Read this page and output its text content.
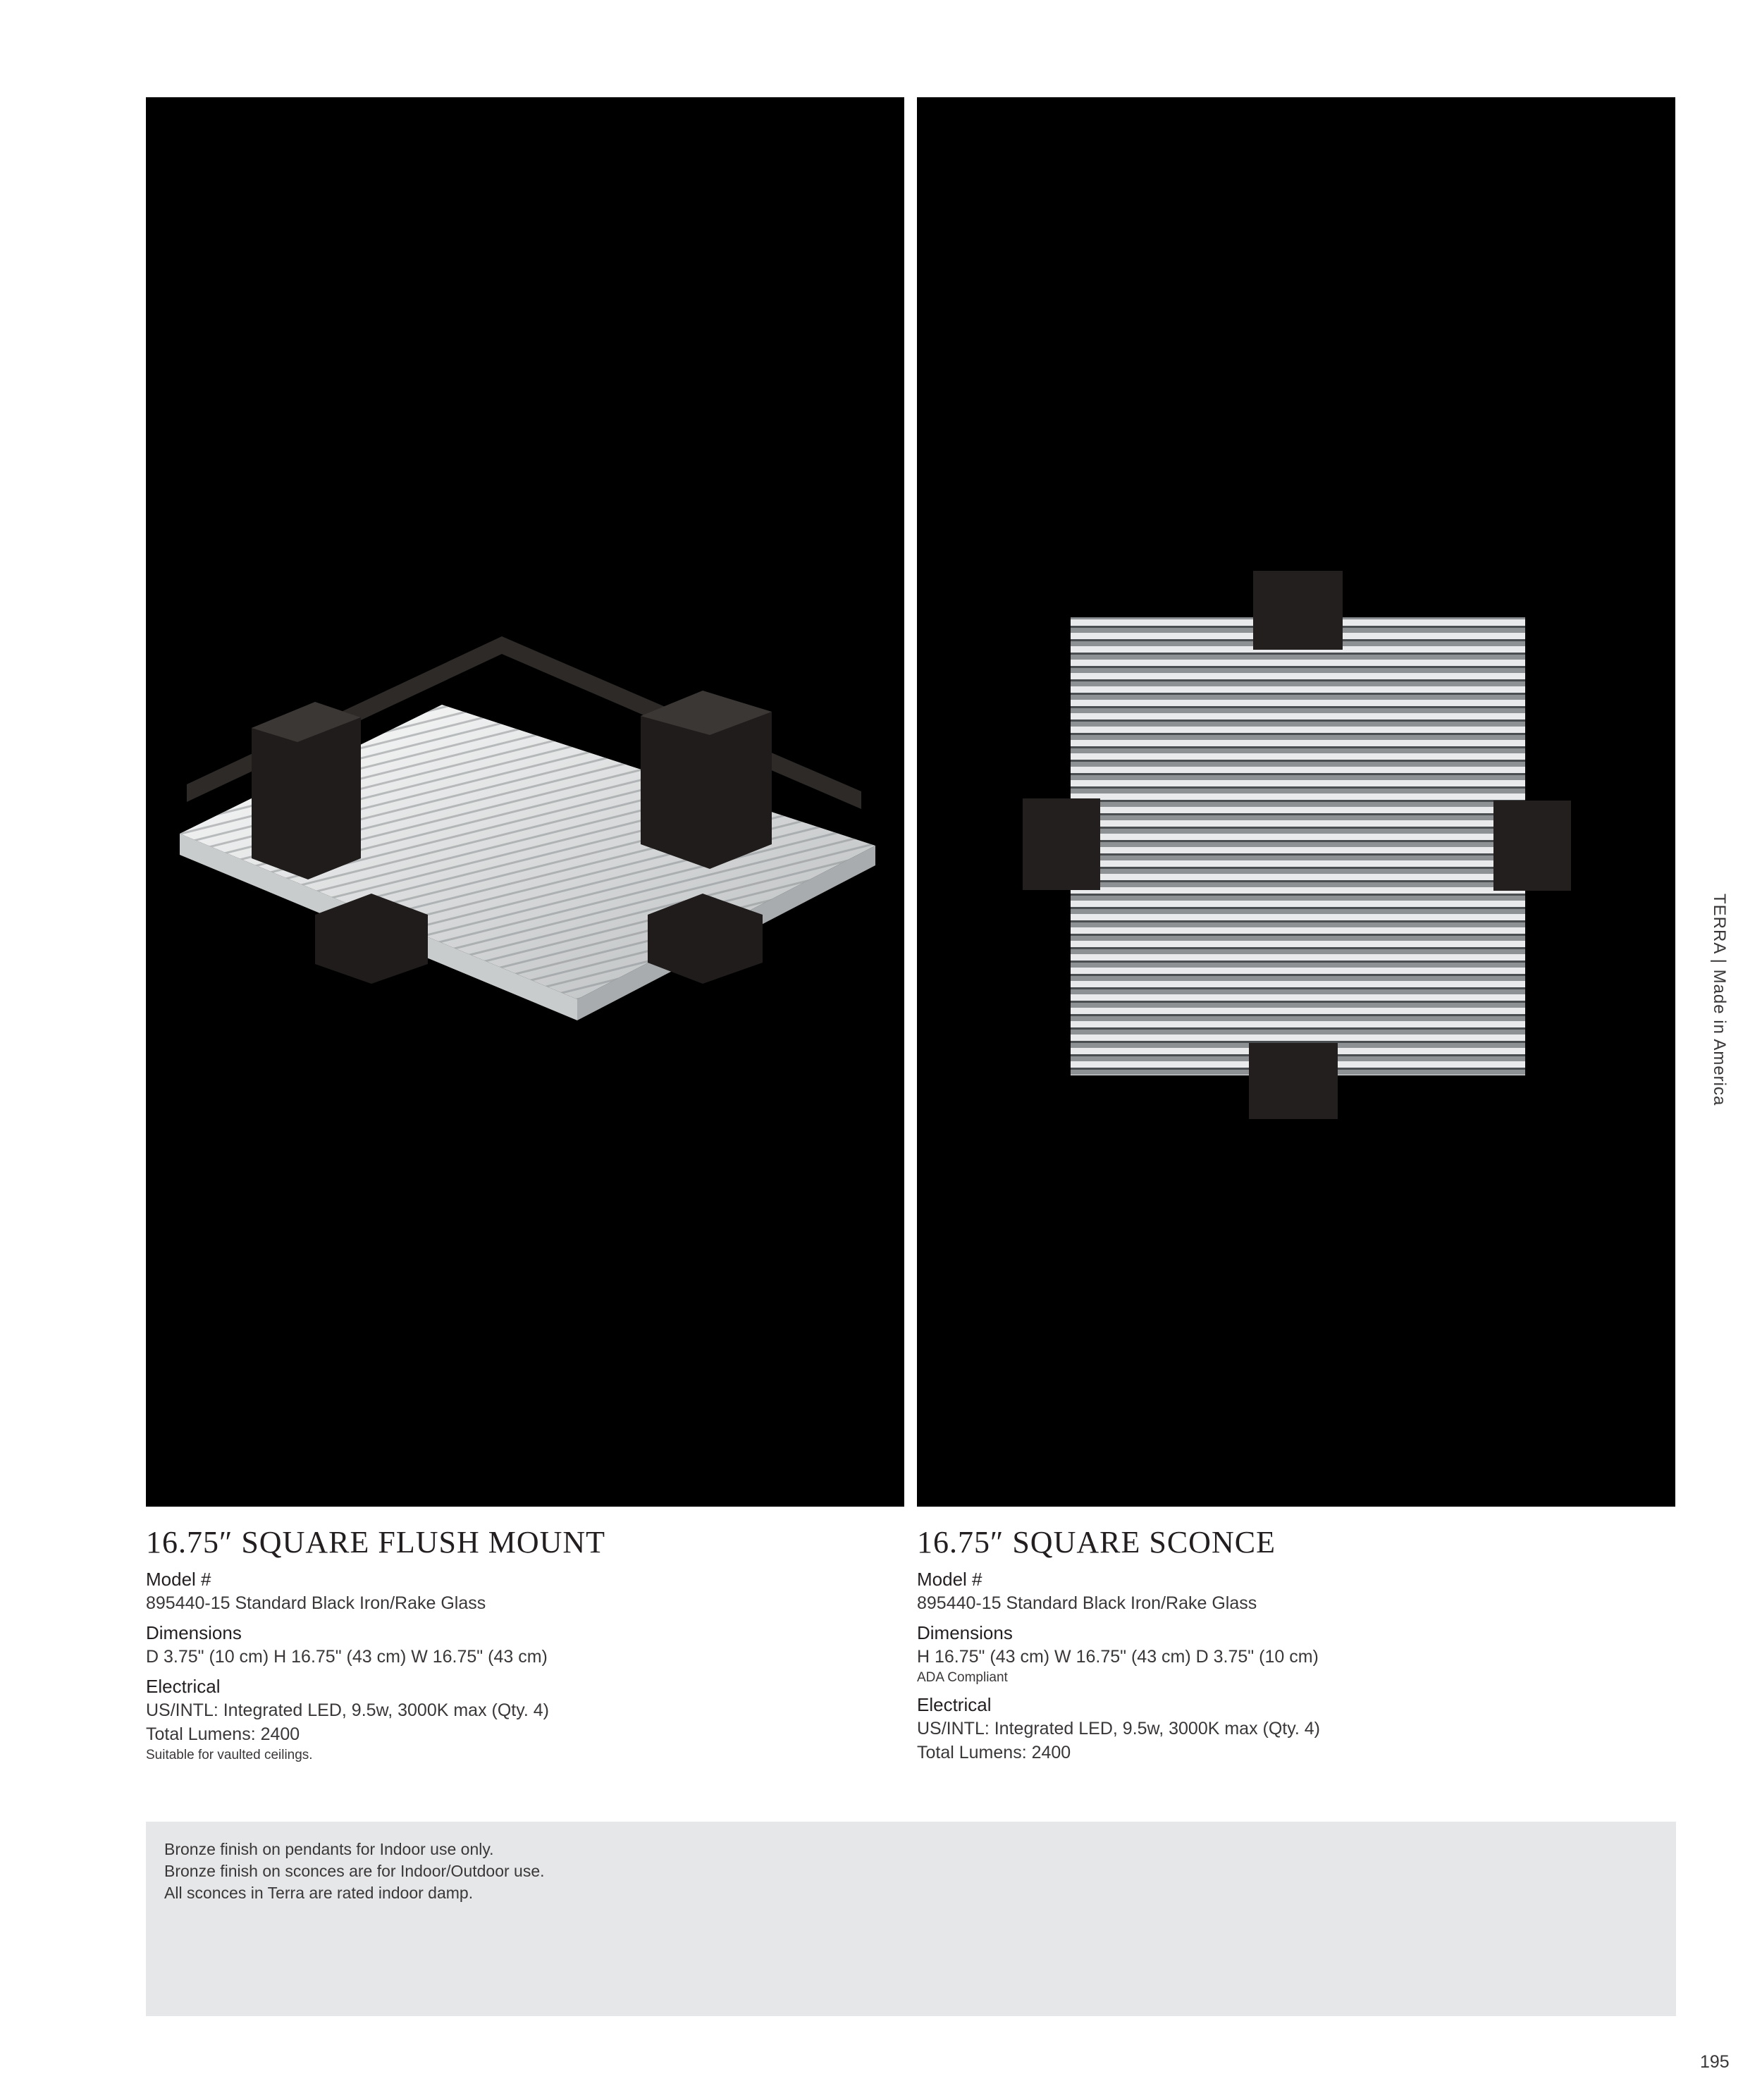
16.75″ SQUARE FLUSH MOUNT
Model #
895440-15 Standard Black Iron/Rake Glass
Dimensions
D 3.75" (10 cm) H 16.75" (43 cm) W 16.75" (43 cm)
Electrical
US/INTL: Integrated LED, 9.5w, 3000K max (Qty. 4)
Total Lumens: 2400
Suitable for vaulted ceilings.
16.75″ SQUARE SCONCE
Model #
895440-15 Standard Black Iron/Rake Glass
Dimensions
H 16.75" (43 cm) W 16.75" (43 cm) D 3.75" (10 cm)
ADA Compliant
Electrical
US/INTL: Integrated LED, 9.5w, 3000K max (Qty. 4)
Total Lumens: 2400
Bronze finish on pendants for Indoor use only.
Bronze finish on sconces are for Indoor/Outdoor use.
All sconces in Terra are rated indoor damp.
TERRA | Made in America
195
